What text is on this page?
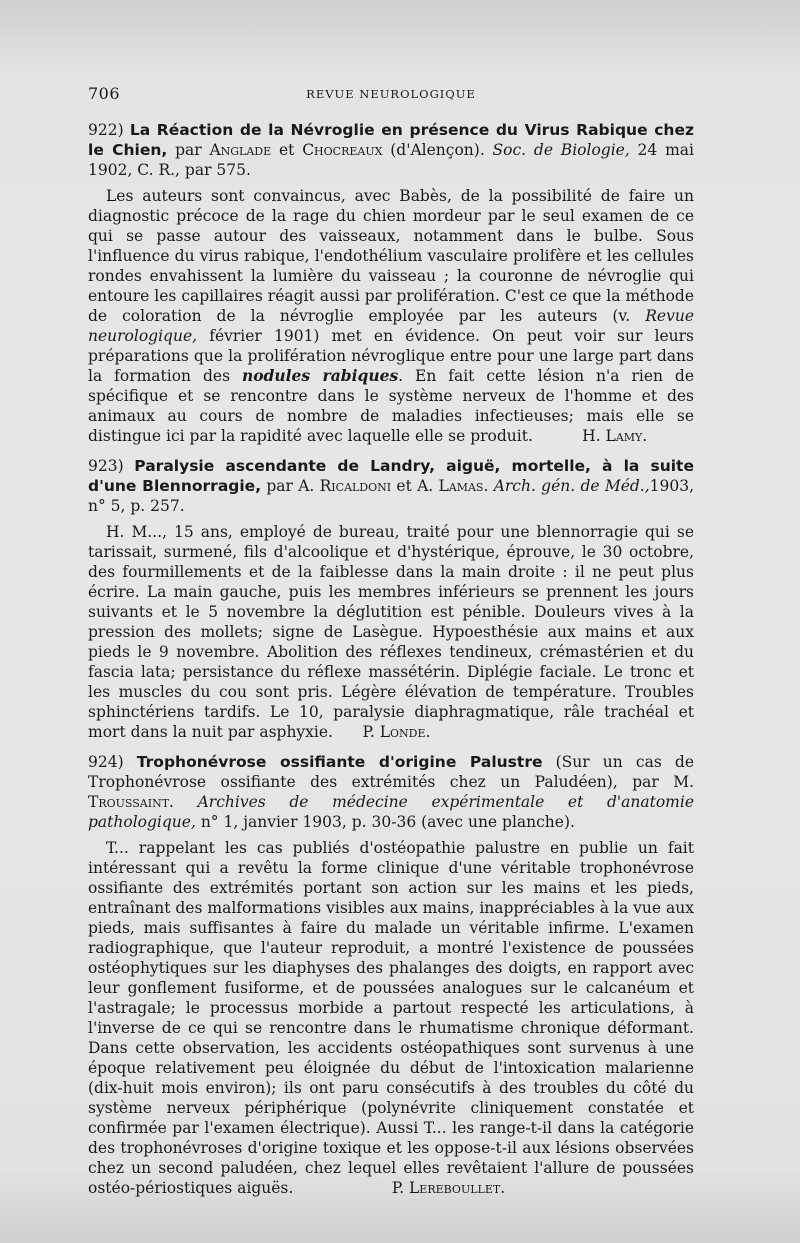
706	REVUE NEUROLOGIQUE
922) La Réaction de la Névroglie en présence du Virus Rabique chez le Chien, par Anglade et Chocreaux (d'Alençon). Soc. de Biologie, 24 mai 1902, C. R., par 575.
Les auteurs sont convaincus, avec Babès, de la possibilité de faire un diagnostic précoce de la rage du chien mordeur par le seul examen de ce qui se passe autour des vaisseaux, notamment dans le bulbe. Sous l'influence du virus rabique, l'endothélium vasculaire prolifère et les cellules rondes envahissent la lumière du vaisseau ; la couronne de névroglie qui entoure les capillaires réagit aussi par prolifération. C'est ce que la méthode de coloration de la névroglie employée par les auteurs (v. Revue neurologique, février 1901) met en évidence. On peut voir sur leurs préparations que la prolifération névroglique entre pour une large part dans la formation des nodules rabiques. En fait cette lésion n'a rien de spécifique et se rencontre dans le système nerveux de l'homme et des animaux au cours de nombre de maladies infectieuses; mais elle se distingue ici par la rapidité avec laquelle elle se produit.	H. Lamy.
923) Paralysie ascendante de Landry, aiguë, mortelle, à la suite d'une Blennorragie, par A. Ricaldoni et A. Lamas. Arch. gén. de Méd.,1903, n° 5, p. 257.
H. M..., 15 ans, employé de bureau, traité pour une blennorragie qui se tarissait, surmené, fils d'alcoolique et d'hystérique, éprouve, le 30 octobre, des fourmillements et de la faiblesse dans la main droite : il ne peut plus écrire. La main gauche, puis les membres inférieurs se prennent les jours suivants et le 5 novembre la déglutition est pénible. Douleurs vives à la pression des mollets; signe de Lasègue. Hypoesthésie aux mains et aux pieds le 9 novembre. Abolition des réflexes tendineux, crémastérien et du fascia lata; persistance du réflexe massétérin. Diplégie faciale. Le tronc et les muscles du cou sont pris. Légère élévation de température. Troubles sphinctériens tardifs. Le 10, paralysie diaphragmatique, râle trachéal et mort dans la nuit par asphyxie. P. Londe.
924) Trophonévrose ossifiante d'origine Palustre (Sur un cas de Trophonévrose ossifiante des extrémités chez un Paludéen), par M. Troussaint. Archives de médecine expérimentale et d'anatomie pathologique, n° 1, janvier 1903, p. 30-36 (avec une planche).
T... rappelant les cas publiés d'ostéopathie palustre en publie un fait intéressant qui a revêtu la forme clinique d'une véritable trophonévrose ossifiante des extrémités portant son action sur les mains et les pieds, entraînant des malformations visibles aux mains, inappréciables à la vue aux pieds, mais suffisantes à faire du malade un véritable infirme. L'examen radiographique, que l'auteur reproduit, a montré l'existence de poussées ostéophytiques sur les diaphyses des phalanges des doigts, en rapport avec leur gonflement fusiforme, et de poussées analogues sur le calcanéum et l'astragale; le processus morbide a partout respecté les articulations, à l'inverse de ce qui se rencontre dans le rhumatisme chronique déformant. Dans cette observation, les accidents ostéopathiques sont survenus à une époque relativement peu éloignée du début de l'intoxication malarienne (dix-huit mois environ); ils ont paru consécutifs à des troubles du côté du système nerveux périphérique (polynévrite cliniquement constatée et confirmée par l'examen électrique). Aussi T... les range-t-il dans la catégorie des trophonévroses d'origine toxique et les oppose-t-il aux lésions observées chez un second paludéen, chez lequel elles revêtaient l'allure de poussées ostéo-périostiques aiguës.	P. Lereboullet.
